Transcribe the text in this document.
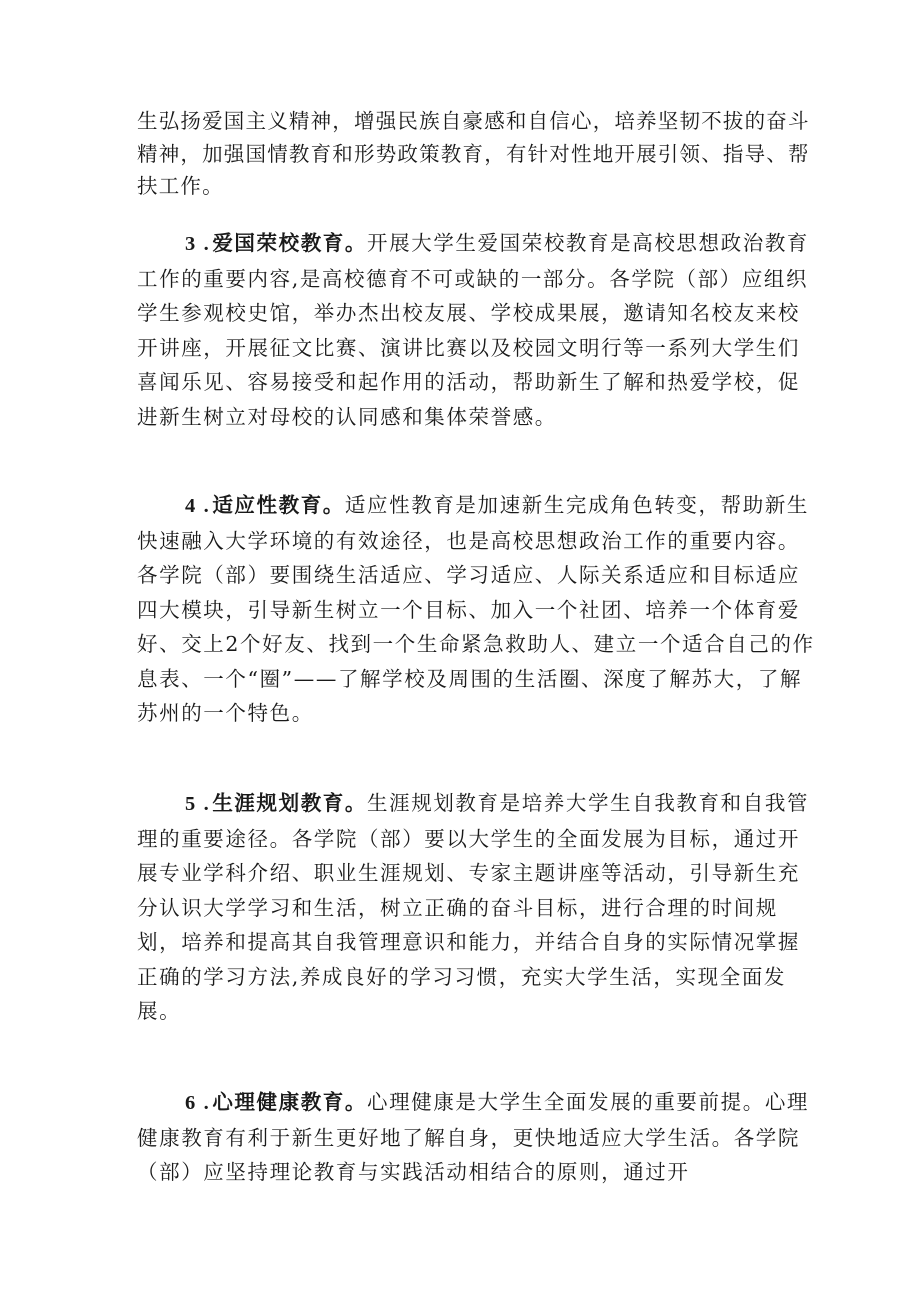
生弘扬爱国主义精神，增强民族自豪感和自信心，培养坚韧不拔的奋斗精神，加强国情教育和形势政策教育，有针对性地开展引领、指导、帮扶工作。

3 .爱国荣校教育。开展大学生爱国荣校教育是高校思想政治教育工作的重要内容,是高校德育不可或缺的一部分。各学院（部）应组织学生参观校史馆，举办杰出校友展、学校成果展，邀请知名校友来校开讲座，开展征文比赛、演讲比赛以及校园文明行等一系列大学生们喜闻乐见、容易接受和起作用的活动，帮助新生了解和热爱学校，促进新生树立对母校的认同感和集体荣誉感。

4 .适应性教育。适应性教育是加速新生完成角色转变，帮助新生快速融入大学环境的有效途径，也是高校思想政治工作的重要内容。各学院（部）要围绕生活适应、学习适应、人际关系适应和目标适应四大模块，引导新生树立一个目标、加入一个社团、培养一个体育爱好、交上2个好友、找到一个生命紧急救助人、建立一个适合自己的作息表、一个“圈”——了解学校及周围的生活圈、深度了解苏大，了解苏州的一个特色。

5 .生涯规划教育。生涯规划教育是培养大学生自我教育和自我管理的重要途径。各学院（部）要以大学生的全面发展为目标，通过开展专业学科介绍、职业生涯规划、专家主题讲座等活动，引导新生充分认识大学学习和生活，树立正确的奋斗目标，进行合理的时间规划，培养和提高其自我管理意识和能力，并结合自身的实际情况掌握正确的学习方法,养成良好的学习习惯，充实大学生活，实现全面发展。

6 .心理健康教育。心理健康是大学生全面发展的重要前提。心理健康教育有利于新生更好地了解自身，更快地适应大学生活。各学院（部）应坚持理论教育与实践活动相结合的原则，通过开
